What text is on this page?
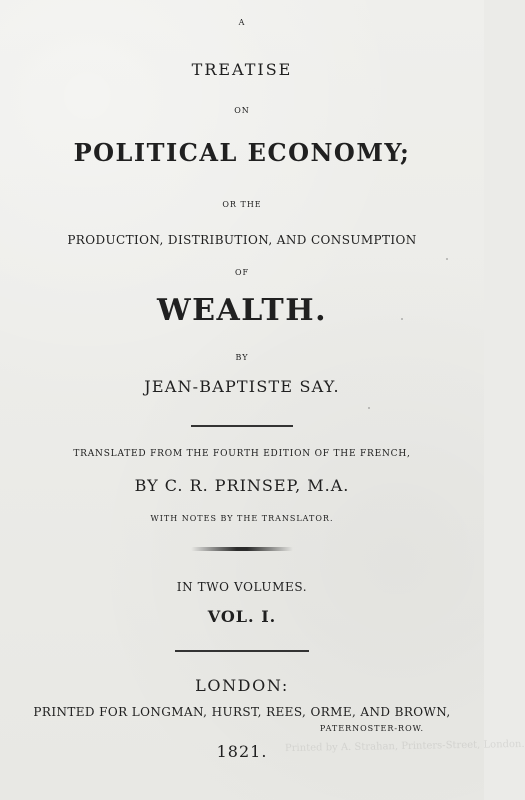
A
TREATISE
ON
POLITICAL ECONOMY;
OR THE
PRODUCTION, DISTRIBUTION, AND CONSUMPTION
OF
WEALTH.
BY
JEAN-BAPTISTE SAY.
TRANSLATED FROM THE FOURTH EDITION OF THE FRENCH,
BY C. R. PRINSEP, M.A.
WITH NOTES BY THE TRANSLATOR.
IN TWO VOLUMES.
VOL. I.
LONDON:
PRINTED FOR LONGMAN, HURST, REES, ORME, AND BROWN,
PATERNOSTER-ROW.
1821.	Printed by A. Strahan, Printers-Street, London.
